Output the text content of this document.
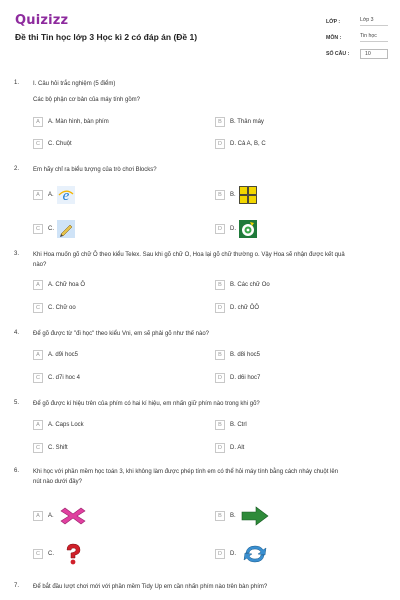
Quizizz
Đề thi Tin học lớp 3 Học kì 2 có đáp án (Đề 1)
LỚP :	Lớp 3
MÔN :	Tin học
SỐ CÂU :	10
1. I. Câu hỏi trắc nghiệm (5 điểm)
Các bộ phận cơ bản của máy tính gồm?
A	A. Màn hình, bàn phím	B	B. Thân máy
C	C. Chuột	D	D. Cả A, B, C
2. Em hãy chỉ ra biểu tượng của trò chơi Blocks?
A	A. e	B	B.
C	C.	D	D.
3. Khi Hoa muốn gõ chữ Ô theo kiểu Telex. Sau khi gõ chữ O, Hoa lại gõ chữ thường o. Vậy Hoa sẽ nhận được kết quả
nào?
A	A. Chữ hoa Ô	B	B. Các chữ Oo
C	C. Chữ oo	D	D. chữ ÔÔ
4. Để gõ được từ "đi học" theo kiểu Vni, em sẽ phải gõ như thế nào?
A	A. d9i hoc5	B	B. d8i hoc5
C	C. d7i hoc 4	D	D. d6i hoc7
5. Để gõ được kí hiệu trên của phím có hai kí hiệu, em nhấn giữ phím nào trong khi gõ?
A	A. Caps Lock	B	B. Ctrl
C	C. Shift	D	D. Alt
6. Khi học với phần mềm học toán 3, khi không làm được phép tính em có thể hỏi máy tính bằng cách nháy chuột lên
nút nào dưới đây?
A	A.	B	B.
C	C.	D	D.
7. Để bắt đầu lượt chơi mới với phần mềm Tidy Up em cần nhấn phím nào trên bàn phím?
